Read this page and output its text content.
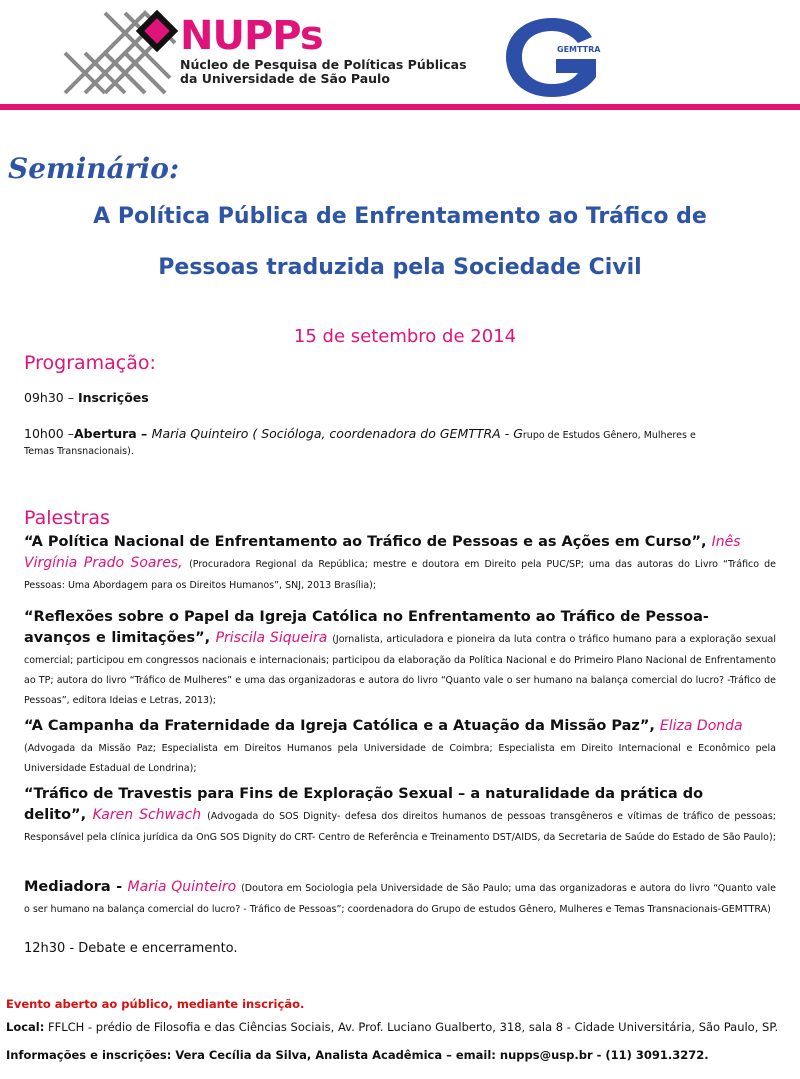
NUPPs
Núcleo de Pesquisa de Políticas Públicas
da Universidade de São Paulo
GEMTTRA
Seminário:
A Política Pública de Enfrentamento ao Tráfico de
Pessoas traduzida pela Sociedade Civil
15 de setembro de 2014
Programação:
09h30 – Inscrições
10h00 –Abertura – Maria Quinteiro ( Socióloga, coordenadora do GEMTTRA - Grupo de Estudos Gênero, Mulheres e
Temas Transnacionais).
Palestras
“A Política Nacional de Enfrentamento ao Tráfico de Pessoas e as Ações em Curso”, Inês
Virgínia Prado Soares, (Procuradora Regional da República; mestre e doutora em Direito pela PUC/SP; uma das autoras do Livro “Tráfico de Pessoas: Uma Abordagem para os Direitos Humanos”, SNJ, 2013 Brasília);
“Reflexões sobre o Papel da Igreja Católica no Enfrentamento ao Tráfico de Pessoa-
avanços e limitações”, Priscila Siqueira (Jornalista, articuladora e pioneira da luta contra o tráfico humano para a exploração sexual comercial; participou em congressos nacionais e internacionais; participou da elaboração da Política Nacional e do Primeiro Plano Nacional de Enfrentamento ao TP; autora do livro “Tráfico de Mulheres” e uma das organizadoras e autora do livro “Quanto vale o ser humano na balança comercial do lucro? -Tráfico de Pessoas”, editora Ideias e Letras, 2013);
“A Campanha da Fraternidade da Igreja Católica e a Atuação da Missão Paz”, Eliza Donda
(Advogada da Missão Paz; Especialista em Direitos Humanos pela Universidade de Coimbra; Especialista em Direito Internacional e Econômico pela Universidade Estadual de Londrina);
“Tráfico de Travestis para Fins de Exploração Sexual – a naturalidade da prática do
delito”, Karen Schwach (Advogada do SOS Dignity- defesa dos direitos humanos de pessoas transgêneros e vítimas de tráfico de pessoas; Responsável pela clínica jurídica da OnG SOS Dignity do CRT- Centro de Referência e Treinamento DST/AIDS, da Secretaria de Saúde do Estado de São Paulo);
Mediadora - Maria Quinteiro (Doutora em Sociologia pela Universidade de São Paulo; uma das organizadoras e autora do livro “Quanto vale o ser humano na balança comercial do lucro? - Tráfico de Pessoas”; coordenadora do Grupo de estudos Gênero, Mulheres e Temas Transnacionais-GEMTTRA)
12h30 - Debate e encerramento.
Evento aberto ao público, mediante inscrição.
Local: FFLCH - prédio de Filosofia e das Ciências Sociais, Av. Prof. Luciano Gualberto, 318, sala 8 - Cidade Universitária, São Paulo, SP.
Informações e inscrições: Vera Cecília da Silva, Analista Acadêmica – email: nupps@usp.br - (11) 3091.3272.
